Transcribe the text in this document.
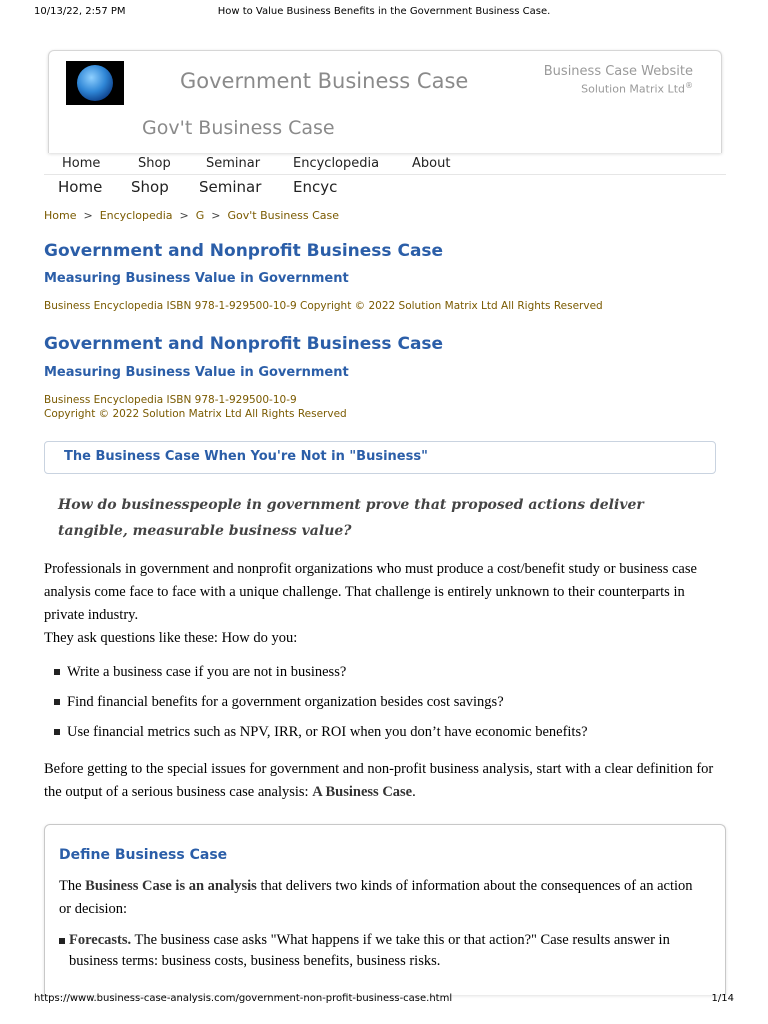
10/13/22, 2:57 PM	How to Value Business Benefits in the Government Business Case.
Government Business Case
Gov't Business Case
Business Case Website
Solution Matrix Ltd®
Home	Shop	Seminar	Encyclopedia	About
Home Shop Seminar Encyc
Home > Encyclopedia > G > Gov't Business Case
Government and Nonprofit Business Case
Measuring Business Value in Government
Business Encyclopedia ISBN 978-1-929500-10-9 Copyright © 2022 Solution Matrix Ltd All Rights Reserved
Government and Nonprofit Business Case
Measuring Business Value in Government
Business Encyclopedia ISBN 978-1-929500-10-9
Copyright © 2022 Solution Matrix Ltd All Rights Reserved
The Business Case When You're Not in "Business"
How do businesspeople in government prove that proposed actions deliver tangible, measurable business value?
Professionals in government and nonprofit organizations who must produce a cost/benefit study or business case analysis come face to face with a unique challenge. That challenge is entirely unknown to their counterparts in private industry.
They ask questions like these: How do you:
Write a business case if you are not in business?
Find financial benefits for a government organization besides cost savings?
Use financial metrics such as NPV, IRR, or ROI when you don’t have economic benefits?
Before getting to the special issues for government and non-profit business analysis, start with a clear definition for the output of a serious business case analysis: A Business Case.
Define Business Case
The Business Case is an analysis that delivers two kinds of information about the consequences of an action or decision:
Forecasts. The business case asks "What happens if we take this or that action?" Case results answer in business terms: business costs, business benefits, business risks.
https://www.business-case-analysis.com/government-non-profit-business-case.html	1/14
